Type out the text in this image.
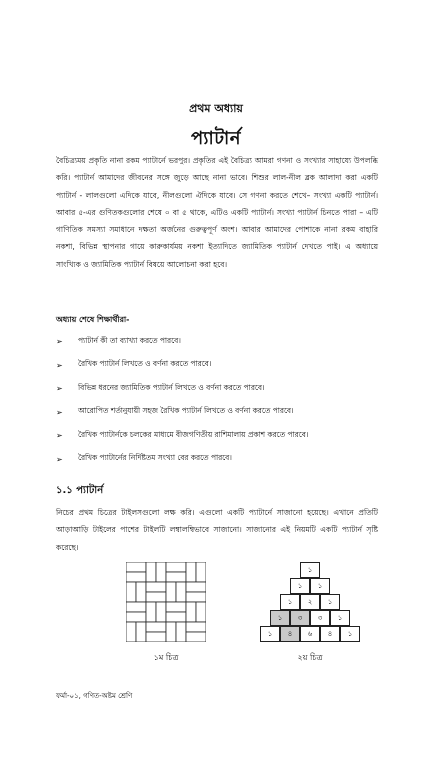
প্রথম অধ্যায়
প্যাটার্ন

বৈচিত্র্যময় প্রকৃতি নানা রকম প্যাটার্নে ভরপুর। প্রকৃতির এই বৈচিত্র্য আমরা গণনা ও সংখ্যার সাহায্যে উপলব্ধি করি। প্যাটার্ন আমাদের জীবনের সঙ্গে জুড়ে আছে নানা ভাবে। শিশুর লাল-নীল ব্লক আলাদা করা একটি প্যাটার্ন - লালগুলো এদিকে যাবে, নীলগুলো ঐদিকে যাবে। সে গণনা করতে শেখে– সংখ্যা একটি প্যাটার্ন। আবার ৫-এর গুণিতকগুলোর শেষে ০ বা ৫ থাকে, এটিও একটি প্যাটার্ন। সংখ্যা প্যাটার্ন চিনতে পারা – এটি গাণিতিক সমস্যা সমাধানে দক্ষতা অর্জনের গুরুত্বপূর্ণ অংশ। আবার আমাদের পোশাকে নানা রকম বাহারি নকশা, বিভিন্ন স্থাপনার গায়ে কারুকার্যময় নকশা ইত্যাদিতে জ্যামিতিক প্যাটার্ন দেখতে পাই। এ অধ্যায়ে সাংখ্যিক ও জ্যামিতিক প্যাটার্ন বিষয়ে আলোচনা করা হবে।

অধ্যায় শেষে শিক্ষার্থীরা-
➢	প্যাটার্ন কী তা ব্যাখ্যা করতে পারবে।
➢	রৈখিক প্যাটার্ন লিখতে ও বর্ণনা করতে পারবে।
➢	বিভিন্ন ধরনের জ্যামিতিক প্যাটার্ন লিখতে ও বর্ণনা করতে পারবে।
➢	আরোপিত শর্তানুযায়ী সহজ রৈখিক প্যাটার্ন লিখতে ও বর্ণনা করতে পারবে।
➢	রৈখিক প্যাটার্নকে চলকের মাধ্যমে বীজগণিতীয় রাশিমালায় প্রকাশ করতে পারবে।
➢	রৈখিক প্যাটার্নের নির্দিষ্টতম সংখ্যা বের করতে পারবে।
১.১ প্যাটার্ন

নিচের প্রথম চিত্রের টাইলসগুলো লক্ষ করি। এগুলো একটি প্যাটার্নে সাজানো হয়েছে। এখানে প্রতিটি আড়াআড়ি টাইলের পাশের টাইলটি লম্বালম্বিভাবে সাজানো। সাজানোর এই নিয়মটি একটি প্যাটার্ন সৃষ্টি করেছে।

১
১	১
১	২	১
১	৩	৩	১
১	৪	৬	৪	১
১ম চিত্র	২য় চিত্র
ফর্মা-০১, গণিত-অষ্টম শ্রেণি
